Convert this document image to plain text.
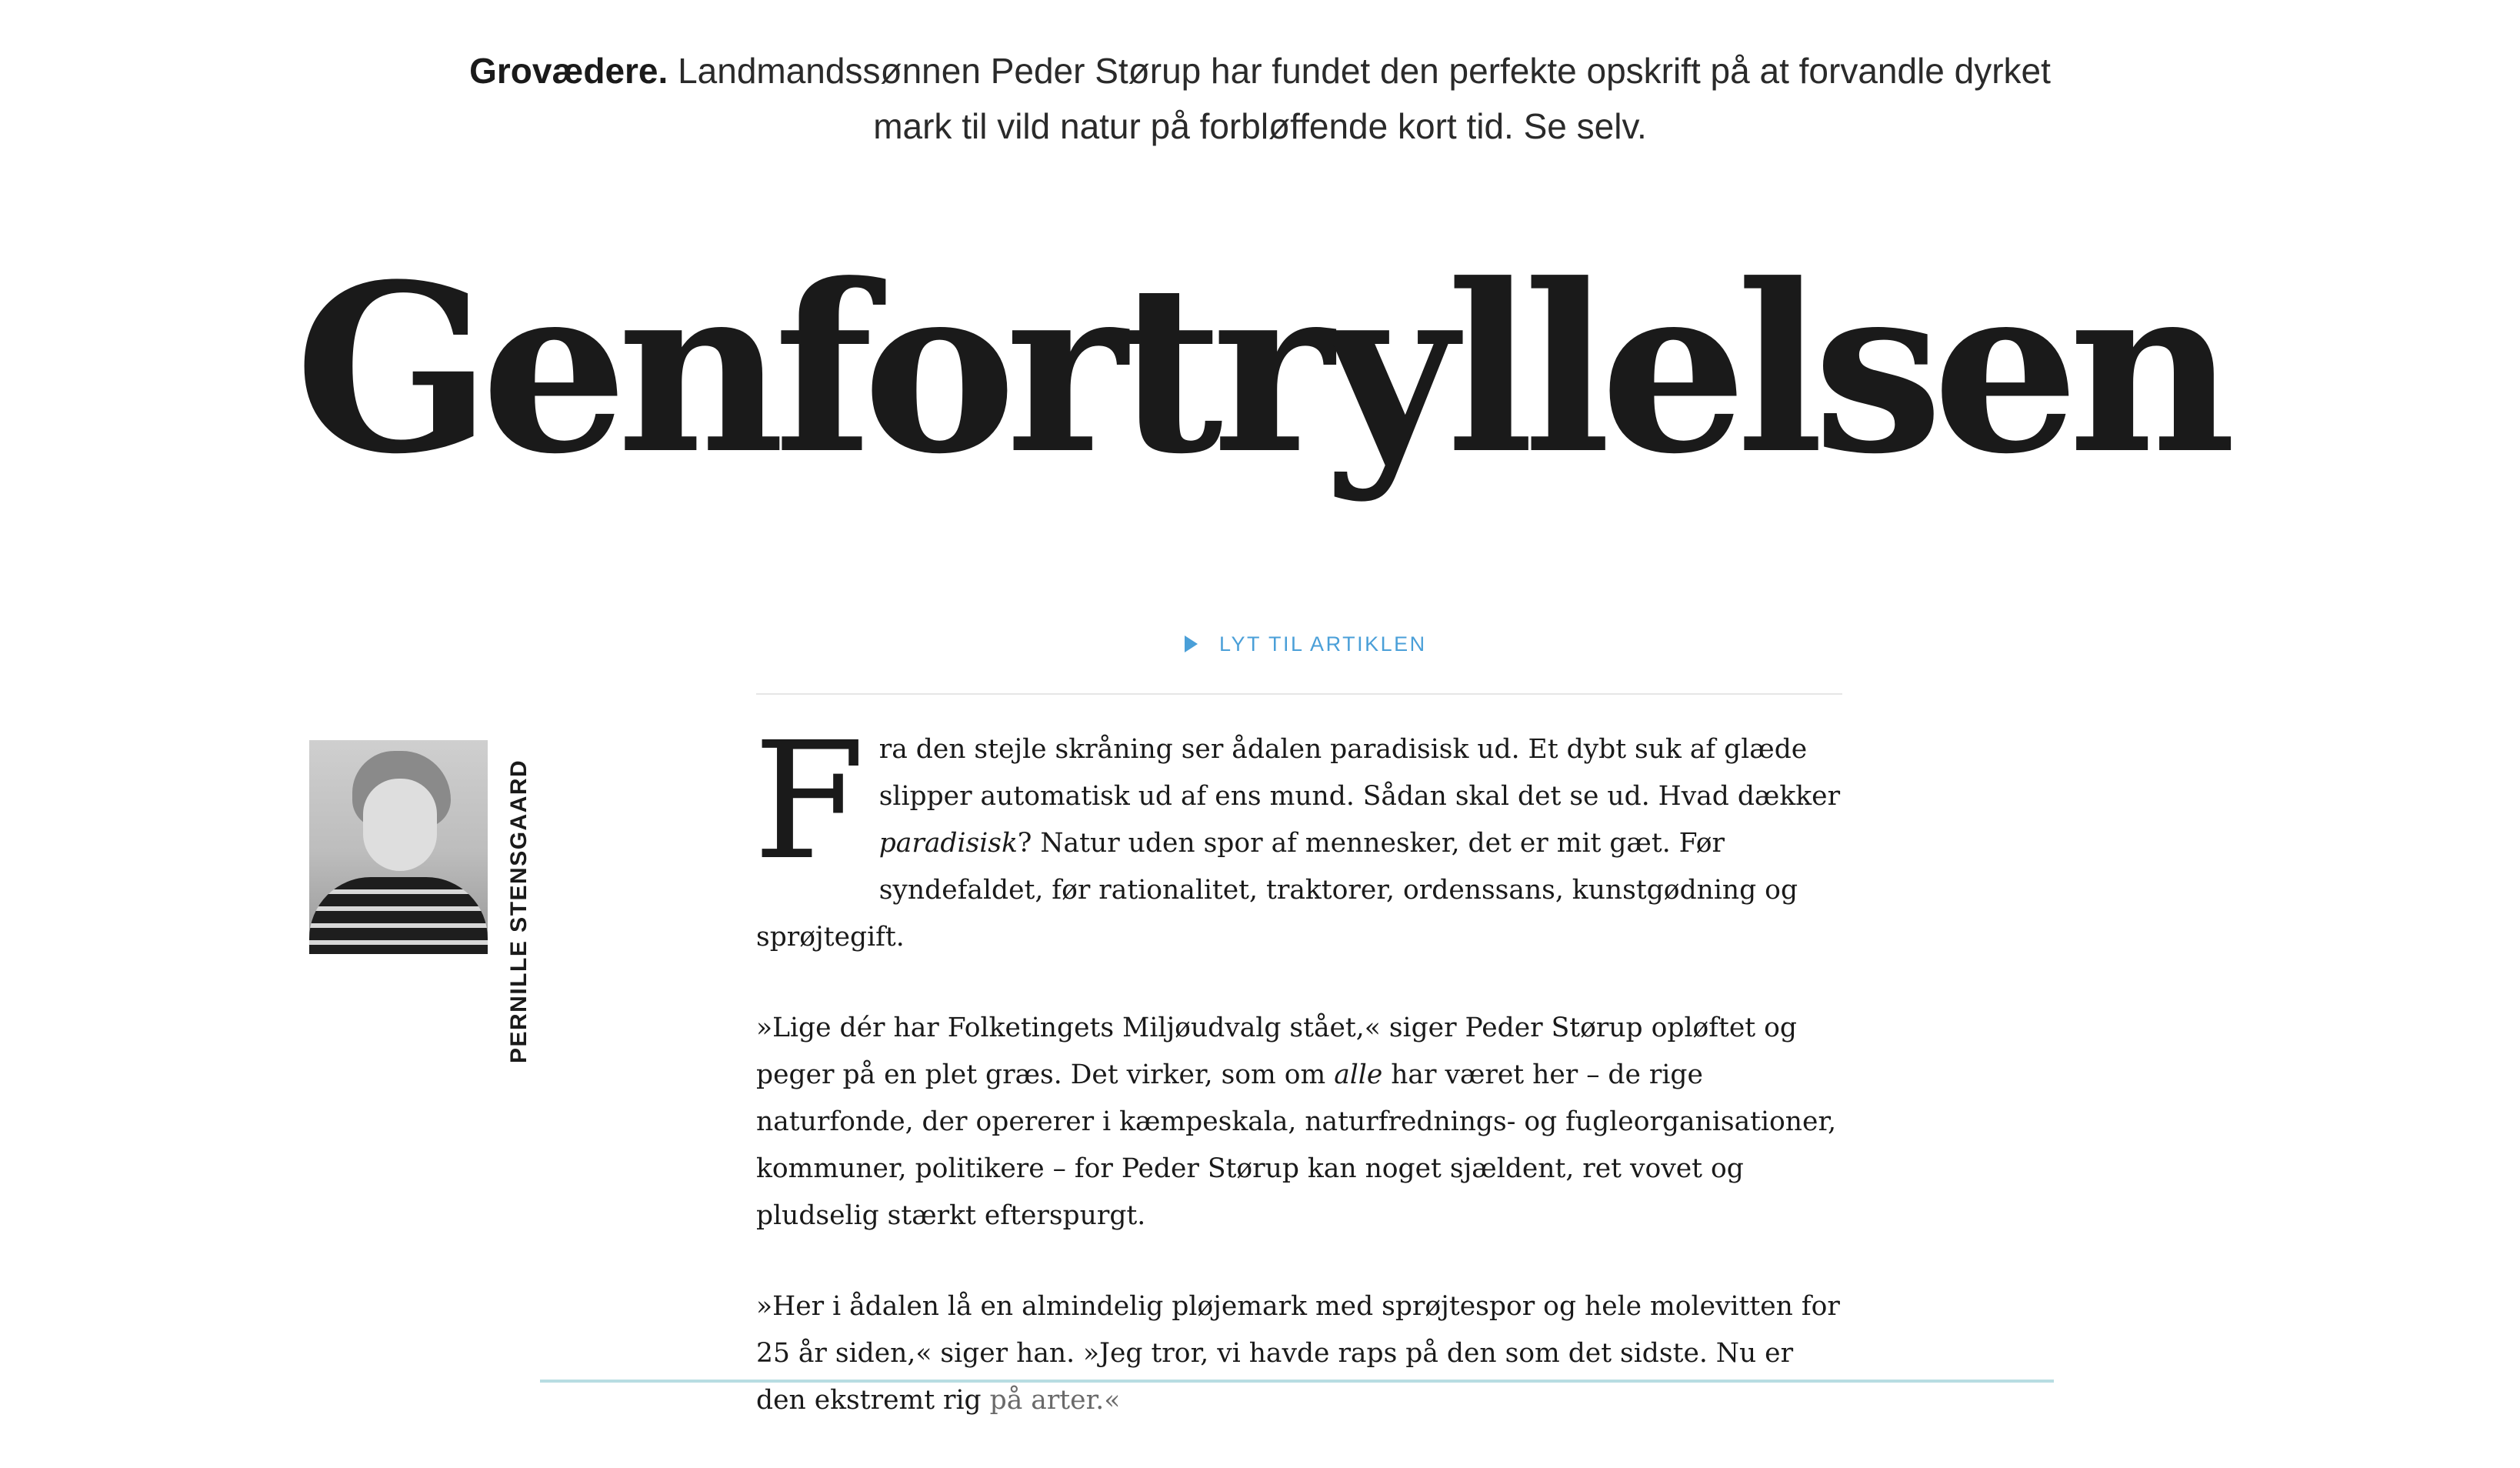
Grovædere. Landmandssønnen Peder Størup har fundet den perfekte opskrift på at forvandle dyrket mark til vild natur på forbløffende kort tid. Se selv.
Genfortryllelsen
LYT TIL ARTIKLEN
PERNILLE STENSGAARD Fra den stejle skråning ser ådalen paradisisk ud. Et dybt suk af glæde slipper automatisk ud af ens mund. Sådan skal det se ud. Hvad dækker paradisisk? Natur uden spor af mennesker, det er mit gæt. Før syndefaldet, før rationalitet, traktorer, ordenssans, kunstgødning og sprøjtegift.

»Lige dér har Folketingets Miljøudvalg stået,« siger Peder Størup opløftet og peger på en plet græs. Det virker, som om alle har været her – de rige naturfonde, der opererer i kæmpeskala, naturfrednings- og fugleorganisationer, kommuner, politikere – for Peder Størup kan noget sjældent, ret vovet og pludselig stærkt efterspurgt.

»Her i ådalen lå en almindelig pløjemark med sprøjtespor og hele molevitten for 25 år siden,« siger han. »Jeg tror, vi havde raps på den som det sidste. Nu er den ekstremt rig på arter.«
